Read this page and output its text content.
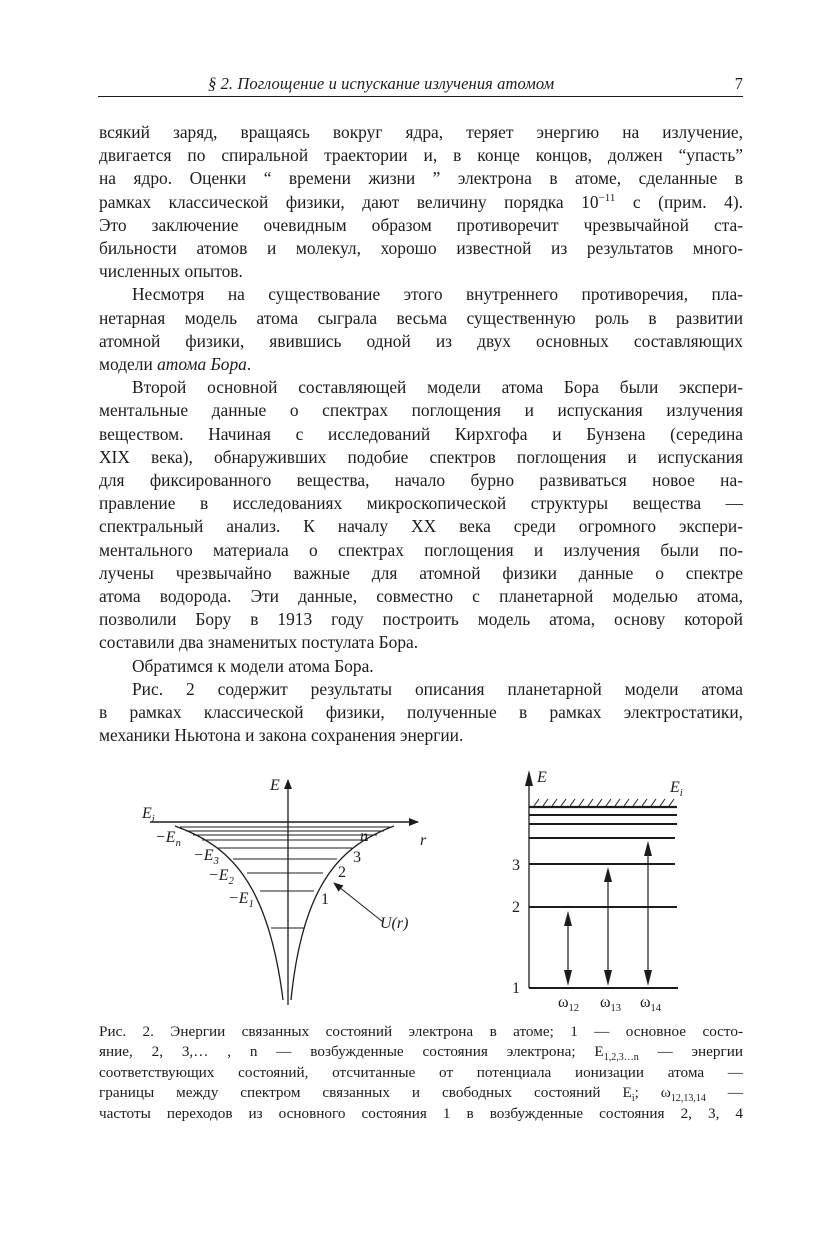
§ 2. Поглощение и испускание излучения атомом	7
всякий заряд, вращаясь вокруг ядра, теряет энергию на излучение,
двигается по спиральной траектории и, в конце концов, должен “упасть”
на ядро. Оценки “ времени жизни ” электрона в атоме, сделанные в
рамках классической физики, дают величину порядка $10^{-11}$ с (прим. 4).
Это заключение очевидным образом противоречит чрезвычайной ста-
бильности атомов и молекул, хорошо известной из результатов много-
численных опытов.
Несмотря на существование этого внутреннего противоречия, пла-
нетарная модель атома сыграла весьма существенную роль в развитии
атомной физики, явившись одной из двух основных составляющих
модели атома Бора.
Второй основной составляющей модели атома Бора были экспери-
ментальные данные о спектрах поглощения и испускания излучения
веществом. Начиная с исследований Кирхгофа и Бунзена (середина
XIX века), обнаруживших подобие спектров поглощения и испускания
для фиксированного вещества, начало бурно развиваться новое на-
правление в исследованиях микроскопической структуры вещества —
спектральный анализ. К началу XX века среди огромного экспери-
ментального материала о спектрах поглощения и излучения были по-
лучены чрезвычайно важные для атомной физики данные о спектре
атома водорода. Эти данные, совместно с планетарной моделью атома,
позволили Бору в 1913 году построить модель атома, основу которой
составили два знаменитых постулата Бора.
Обратимся к модели атома Бора.
Рис. 2 содержит результаты описания планетарной модели атома
в рамках классической физики, полученные в рамках электростатики,
механики Ньютона и закона сохранения энергии.
E
r
$E_i$
$-E_n$
$-E_3$
$-E_2$
$-E_1$
n
3
2
1
U(r)
E
$E_i$
1
2
3
$\omega_{12}$ $\omega_{13}$ $\omega_{14}$
Рис. 2. Энергии связанных состояний электрона в атоме; 1 — основное состо-
яние, 2, 3,… , n — возбужденные состояния электрона; $E_{1,2,3\dots n}$ — энергии
соответствующих состояний, отсчитанные от потенциала ионизации атома —
границы между спектром связанных и свободных состояний $E_i$; $\omega_{12,13,14}$ —
частоты переходов из основного состояния 1 в возбужденные состояния 2, 3, 4
